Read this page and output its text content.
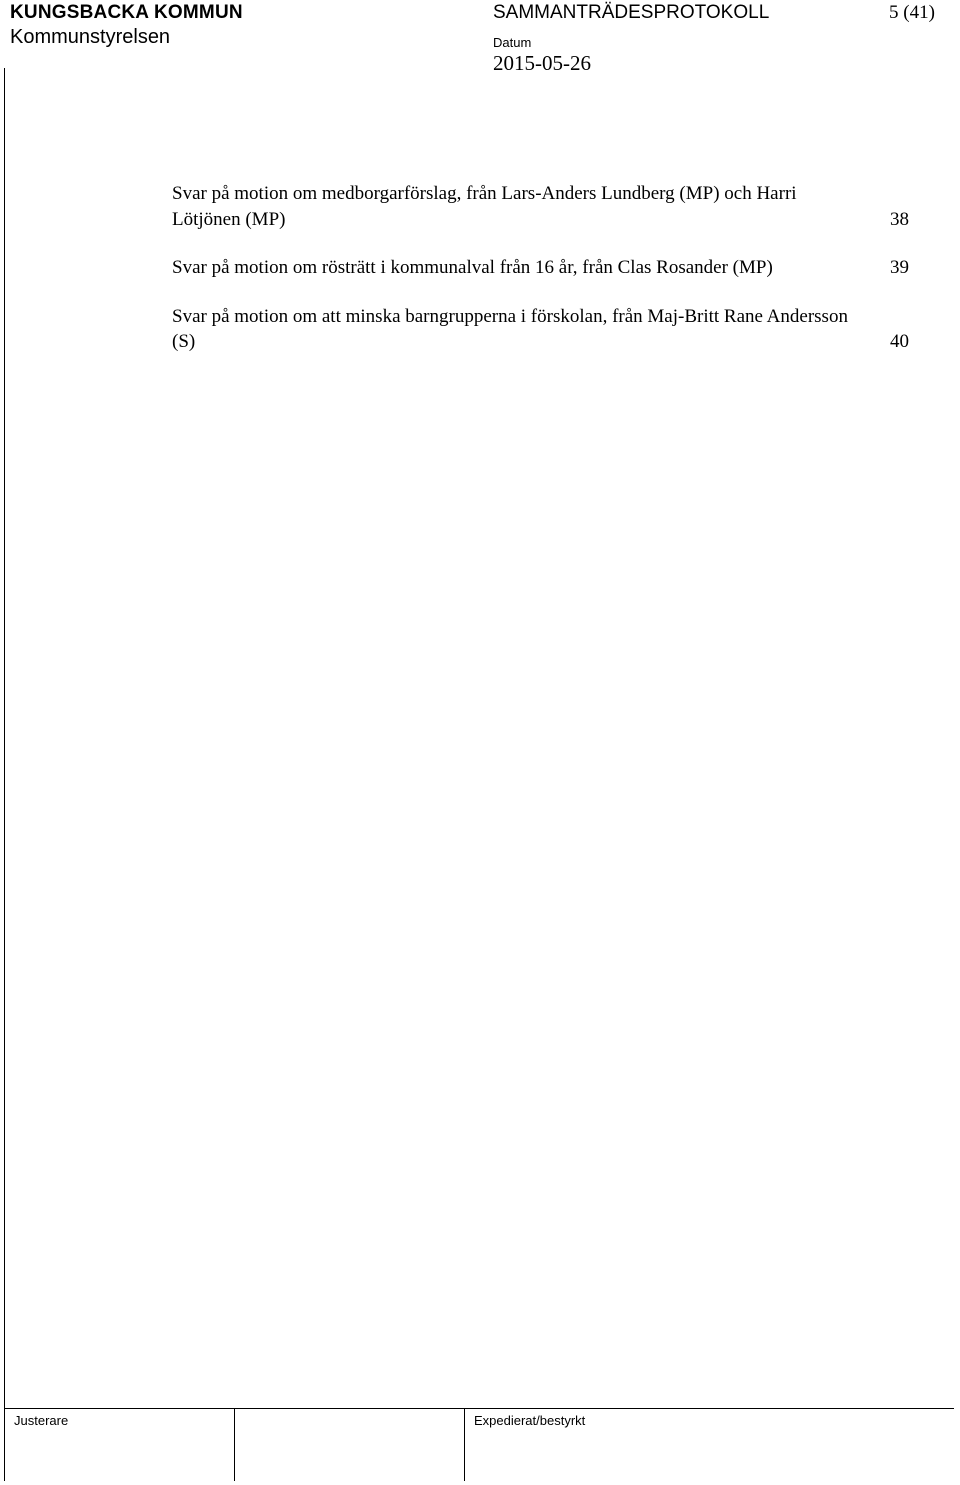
KUNGSBACKA KOMMUN
Kommunstyrelsen
SAMMANTRÄDESPROTOKOLL	5 (41)
Datum
2015-05-26
Svar på motion om medborgarförslag, från Lars-Anders Lundberg (MP) och Harri Lötjönen (MP)	38
Svar på motion om rösträtt i kommunalval från 16 år, från Clas Rosander (MP)	39
Svar på motion om att minska barngrupperna i förskolan, från Maj-Britt Rane Andersson (S)	40
Justerare	Expedierat/bestyrkt
